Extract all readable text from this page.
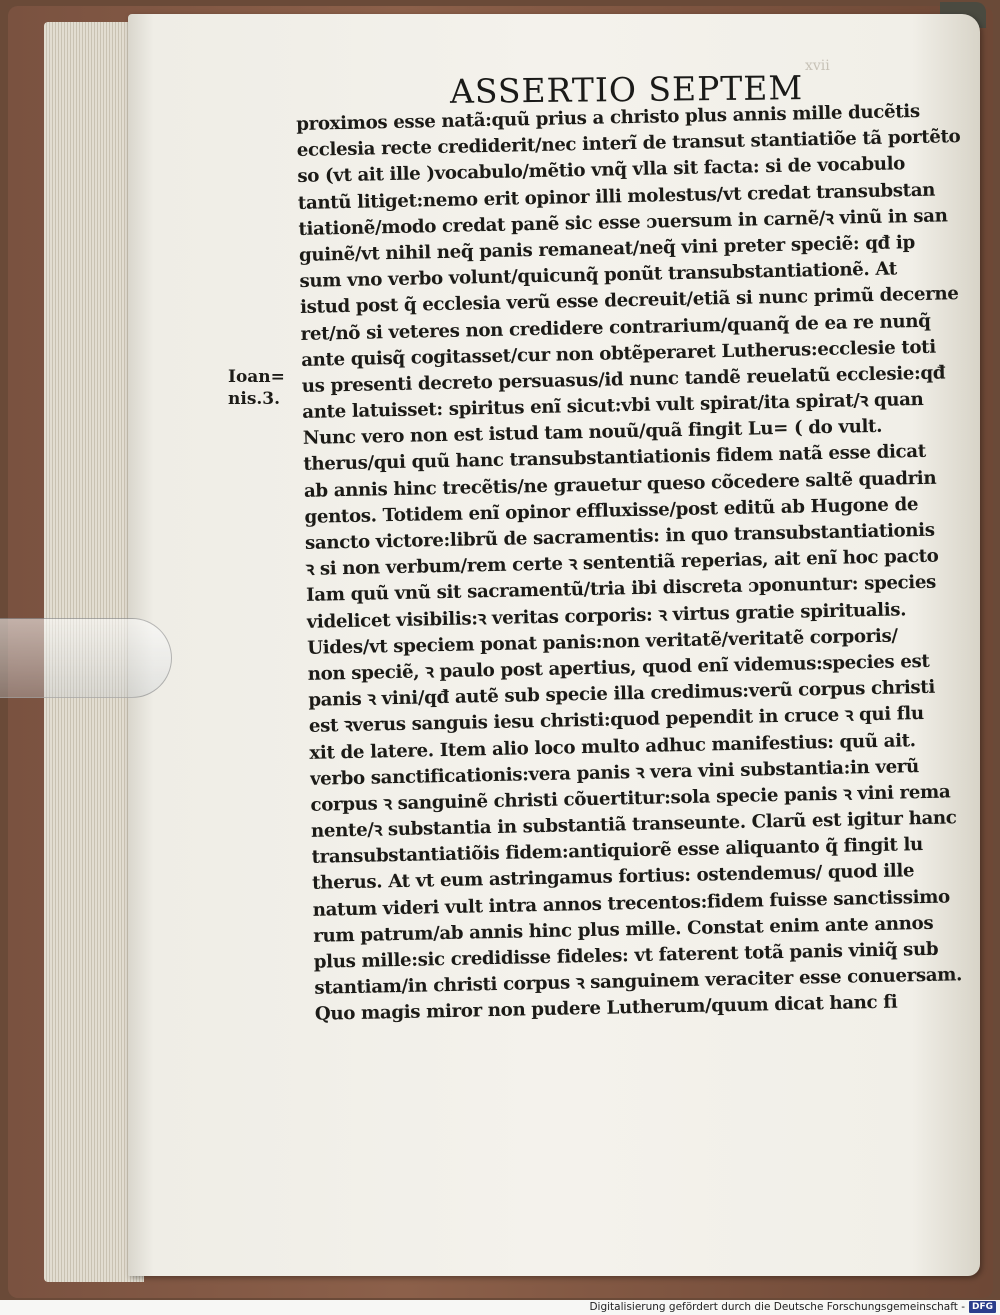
xvii
ASSERTIO SEPTEM
Ioan=
nis.3.
proximos esse natã:quũ prius a christo plus annis mille ducẽtis
ecclesia recte crediderit/nec interĩ de transut stantiatiõe tã portẽto
so (vt ait ille )vocabulo/mẽtio vnq̃ vlla sit facta: si de vocabulo
tantũ litiget:nemo erit opinor illi molestus/vt credat transubstan
tiationẽ/modo credat panẽ sic esse ɔuersum in carnẽ/ꝛ vinũ in san
guinẽ/vt nihil neq̃ panis remaneat/neq̃ vini preter speciẽ: qđ ip
sum vno verbo volunt/quicunq̃ ponũt transubstantiationẽ. At
istud post q̃ ecclesia verũ esse decreuit/etiã si nunc primũ decerne
ret/nõ si veteres non credidere contrarium/quanq̃ de ea re nunq̃
ante quisq̃ cogitasset/cur non obtẽperaret Lutherus:ecclesie toti
us presenti decreto persuasus/id nunc tandẽ reuelatũ ecclesie:qđ
ante latuisset: spiritus enĩ sicut:vbi vult spirat/ita spirat/ꝛ quan
Nunc vero non est istud tam nouũ/quã fingit Lu= ( do vult.
therus/qui quũ hanc transubstantiationis fidem natã esse dicat
ab annis hinc trecẽtis/ne grauetur queso cõcedere saltẽ quadrin
gentos. Totidem enĩ opinor effluxisse/post editũ ab Hugone de
sancto victore:librũ de sacramentis: in quo transubstantiationis
ꝛ si non verbum/rem certe ꝛ sententiã reperias, ait enĩ hoc pacto
Iam quũ vnũ sit sacramentũ/tria ibi discreta ɔponuntur: species
videlicet visibilis:ꝛ veritas corporis: ꝛ virtus gratie spiritualis.
Uides/vt speciem ponat panis:non veritatẽ/veritatẽ corporis/
non speciẽ, ꝛ paulo post apertius, quod enĩ videmus:species est
panis ꝛ vini/qđ autẽ sub specie illa credimus:verũ corpus christi
est ꝛverus sanguis iesu christi:quod pependit in cruce ꝛ qui flu
xit de latere. Item alio loco multo adhuc manifestius: quũ ait.
verbo sanctificationis:vera panis ꝛ vera vini substantia:in verũ
corpus ꝛ sanguinẽ christi cõuertitur:sola specie panis ꝛ vini rema
nente/ꝛ substantia in substantiã transeunte. Clarũ est igitur hanc
transubstantiatiõis fidem:antiquiorẽ esse aliquanto q̃ fingit lu
therus. At vt eum astringamus fortius: ostendemus/ quod ille
natum videri vult intra annos trecentos:fidem fuisse sanctissimo
rum patrum/ab annis hinc plus mille. Constat enim ante annos
plus mille:sic credidisse fideles: vt faterent totã panis viniq̃ sub
stantiam/in christi corpus ꝛ sanguinem veraciter esse conuersam.
Quo magis miror non pudere Lutherum/quum dicat hanc fi
Digitalisierung gefördert durch die Deutsche Forschungsgemeinschaft - DFG
